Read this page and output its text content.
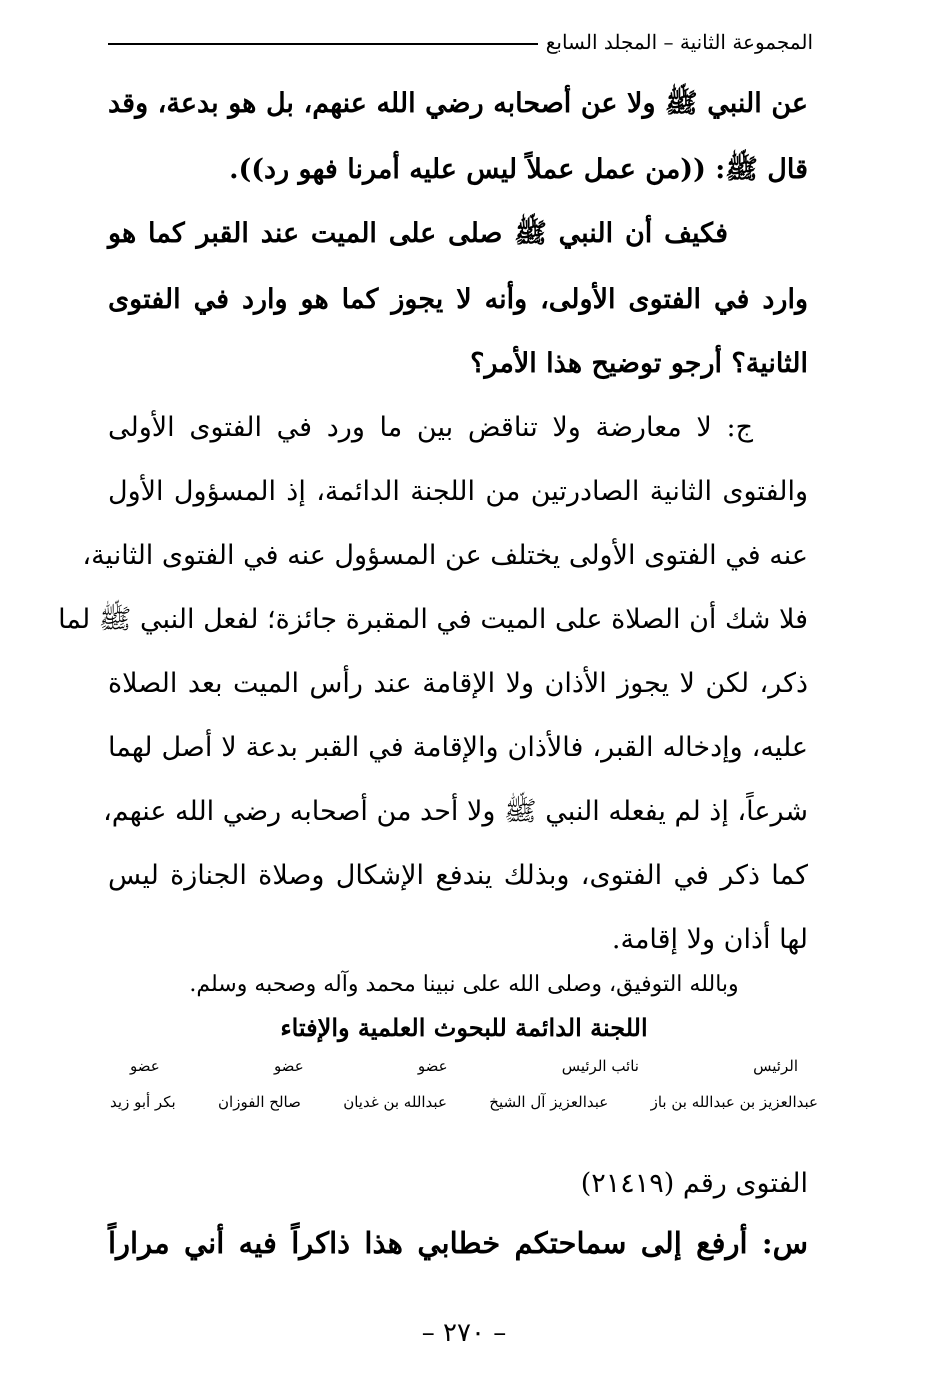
المجموعة الثانية – المجلد السابع
عن النبي ﷺ ولا عن أصحابه رضي الله عنهم، بل هو بدعة، وقد
قال ﷺ: ((من عمل عملاً ليس عليه أمرنا فهو رد)).
فكيف أن النبي ﷺ صلى على الميت عند القبر كما هو
وارد في الفتوى الأولى، وأنه لا يجوز كما هو وارد في الفتوى
الثانية؟ أرجو توضيح هذا الأمر؟
ج: لا معارضة ولا تناقض بين ما ورد في الفتوى الأولى
والفتوى الثانية الصادرتين من اللجنة الدائمة، إذ المسؤول الأول
عنه في الفتوى الأولى يختلف عن المسؤول عنه في الفتوى الثانية،
فلا شك أن الصلاة على الميت في المقبرة جائزة؛ لفعل النبي ﷺ لما
ذكر، لكن لا يجوز الأذان ولا الإقامة عند رأس الميت بعد الصلاة
عليه، وإدخاله القبر، فالأذان والإقامة في القبر بدعة لا أصل لهما
شرعاً، إذ لم يفعله النبي ﷺ ولا أحد من أصحابه رضي الله عنهم،
كما ذكر في الفتوى، وبذلك يندفع الإشكال وصلاة الجنازة ليس
لها أذان ولا إقامة.
وبالله التوفيق، وصلى الله على نبينا محمد وآله وصحبه وسلم.
اللجنة الدائمة للبحوث العلمية والإفتاء
الرئيس
نائب الرئيس
عضو
عضو
عضو
عبدالعزيز بن عبدالله بن باز
عبدالعزيز آل الشيخ
عبدالله بن غديان
صالح الفوزان
بكر أبو زيد
الفتوى رقم (٢١٤١٩)
س: أرفع إلى سماحتكم خطابي هذا ذاكراً فيه أني مراراً
– ٢٧٠ –
